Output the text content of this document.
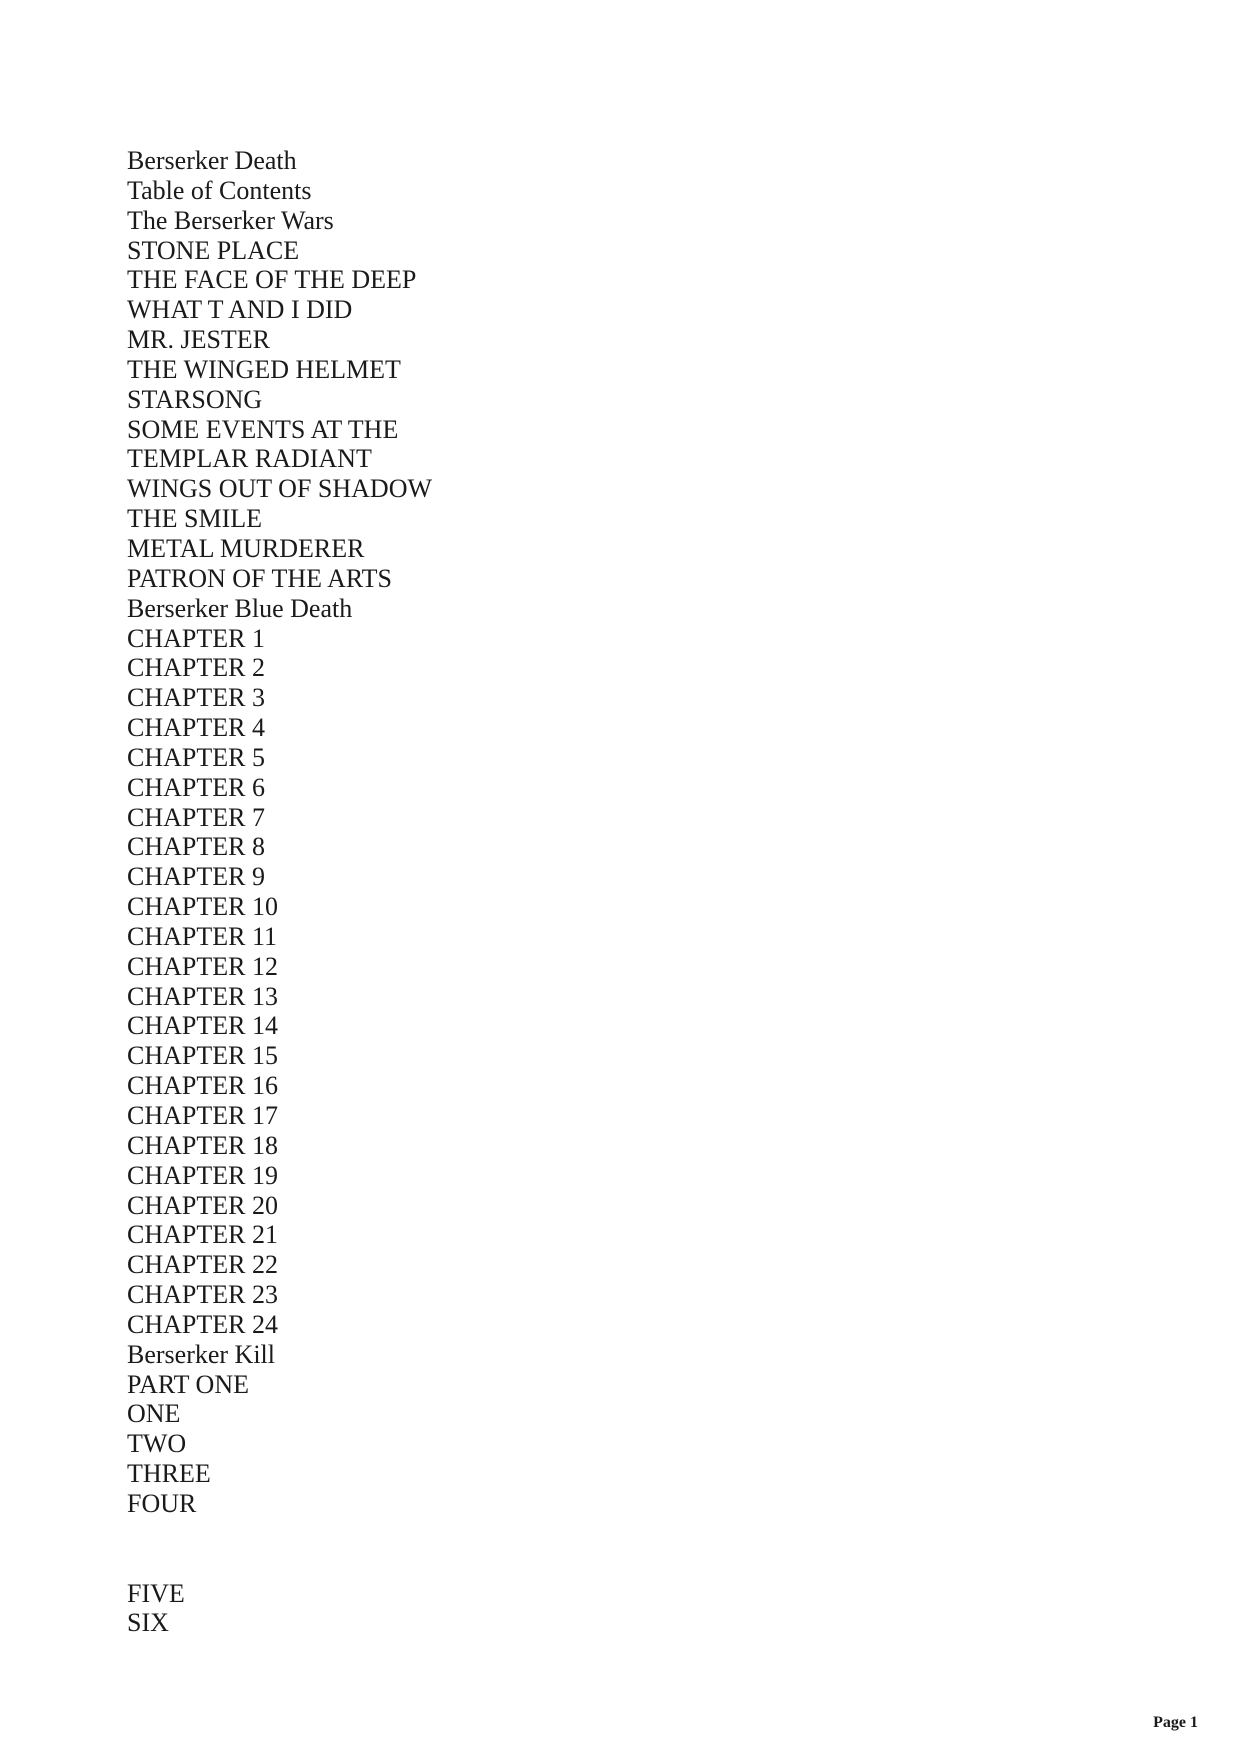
Berserker Death
Table of Contents
The Berserker Wars
STONE PLACE
THE FACE OF THE DEEP
WHAT T AND I DID
MR. JESTER
THE WINGED HELMET
STARSONG
SOME EVENTS AT THE
TEMPLAR RADIANT
WINGS OUT OF SHADOW
THE SMILE
METAL MURDERER
PATRON OF THE ARTS
Berserker Blue Death
CHAPTER 1
CHAPTER 2
CHAPTER 3
CHAPTER 4
CHAPTER 5
CHAPTER 6
CHAPTER 7
CHAPTER 8
CHAPTER 9
CHAPTER 10
CHAPTER 11
CHAPTER 12
CHAPTER 13
CHAPTER 14
CHAPTER 15
CHAPTER 16
CHAPTER 17
CHAPTER 18
CHAPTER 19
CHAPTER 20
CHAPTER 21
CHAPTER 22
CHAPTER 23
CHAPTER 24
Berserker Kill
PART ONE
ONE
TWO
THREE
FOUR
FIVE
SIX
Page 1
